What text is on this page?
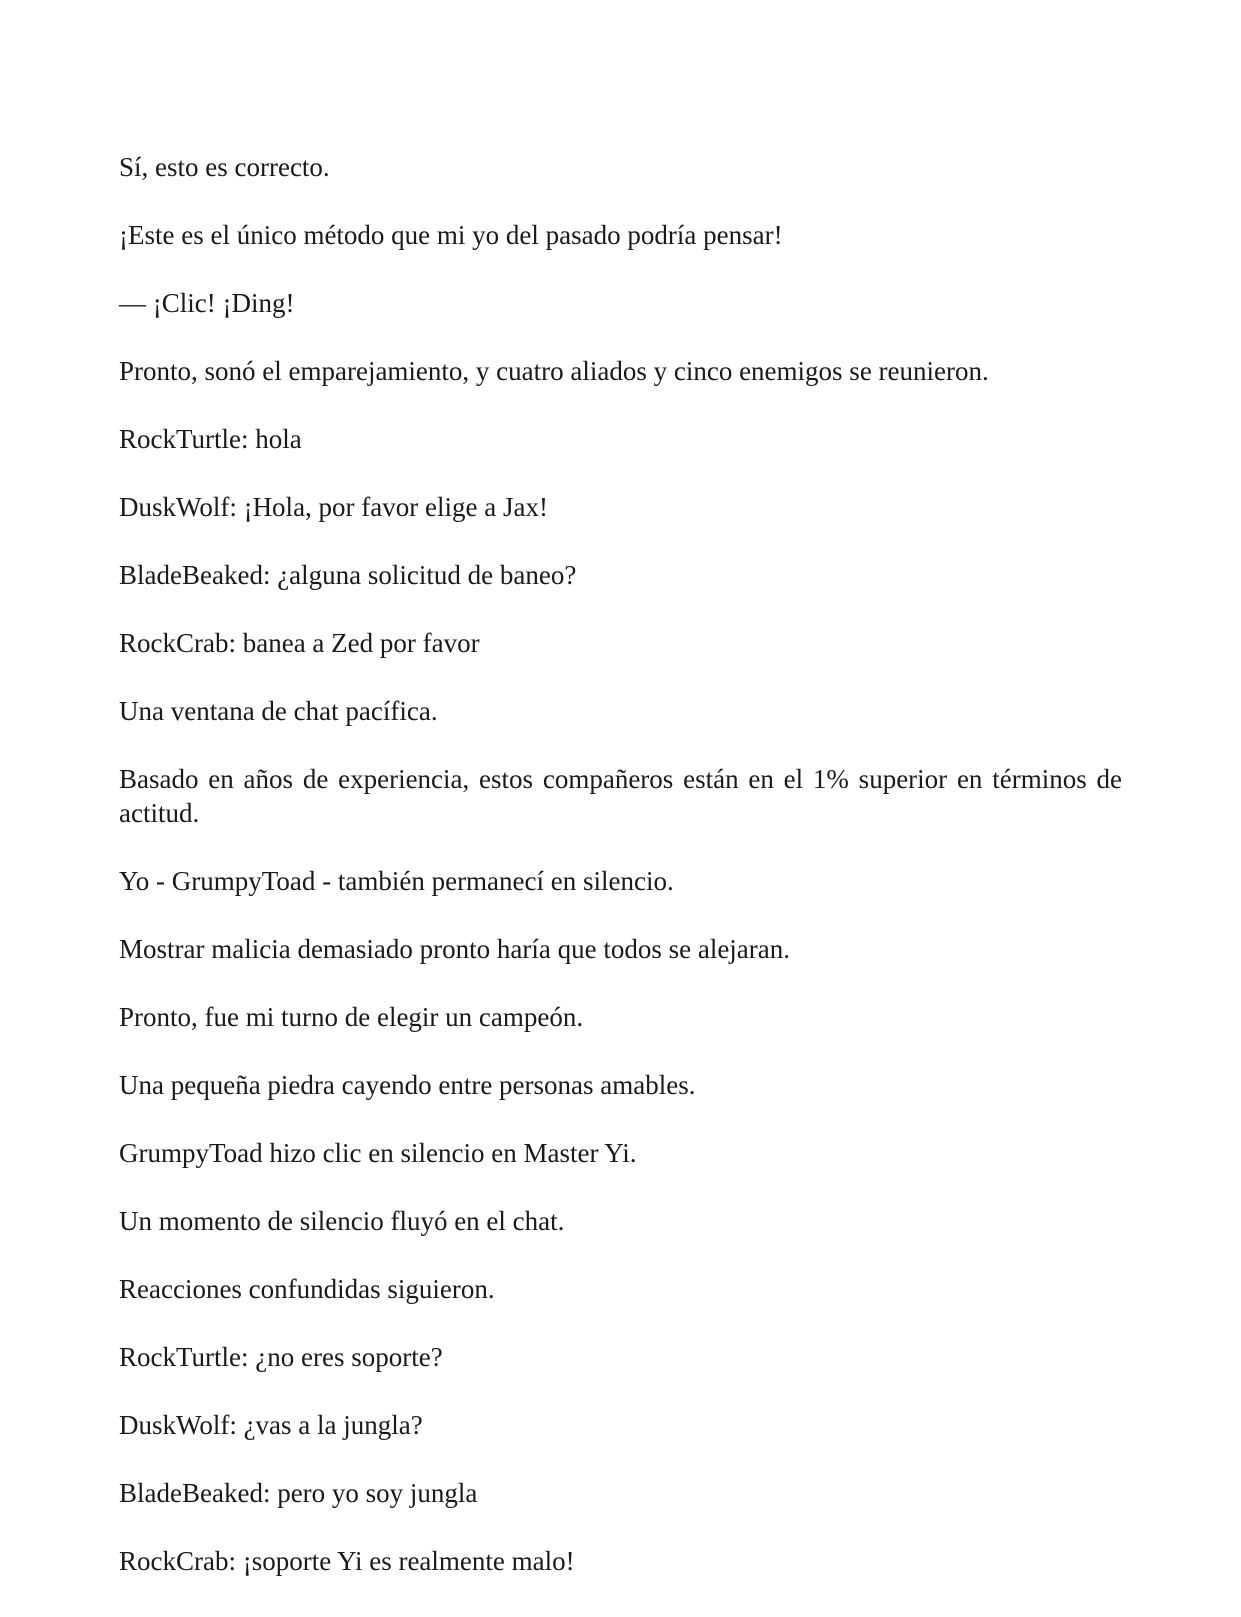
Sí, esto es correcto.

¡Este es el único método que mi yo del pasado podría pensar!

— ¡Clic! ¡Ding!

Pronto, sonó el emparejamiento, y cuatro aliados y cinco enemigos se reunieron.

RockTurtle: hola

DuskWolf: ¡Hola, por favor elige a Jax!

BladeBeaked: ¿alguna solicitud de baneo?

RockCrab: banea a Zed por favor

Una ventana de chat pacífica.

Basado en años de experiencia, estos compañeros están en el 1% superior en términos de actitud.

Yo - GrumpyToad - también permanecí en silencio.

Mostrar malicia demasiado pronto haría que todos se alejaran.

Pronto, fue mi turno de elegir un campeón.

Una pequeña piedra cayendo entre personas amables.

GrumpyToad hizo clic en silencio en Master Yi.

Un momento de silencio fluyó en el chat.

Reacciones confundidas siguieron.

RockTurtle: ¿no eres soporte?

DuskWolf: ¿vas a la jungla?

BladeBeaked: pero yo soy jungla

RockCrab: ¡soporte Yi es realmente malo!
